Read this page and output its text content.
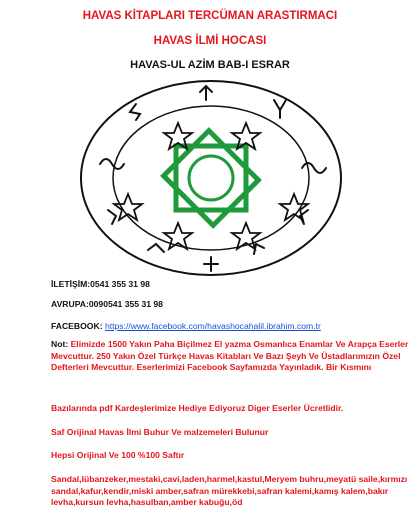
HAVAS KİTAPLARI TERCÜMAN ARASTIRMACI
HAVAS İLMİ HOCASI
HAVAS-UL AZİM BAB-I ESRAR
İLETİŞİM:0541 355 31 98
AVRUPA:0090541 355 31 98
FACEBOOK: https://www.facebook.com/havashocahalil.ibrahim.com.tr
Not: Elimizde 1500 Yakın Paha Biçilmez El yazma Osmanlıca Enamlar Ve Arapça Eserler Mevcuttur. 250 Yakın Özel Türkçe Havas Kitabları Ve Bazı Şeyh Ve Üstadlarımızın Özel Defterleri Mevcuttur. Eserlerimizi Facebook Sayfamızda Yayınladık. Bir Kısmını
Bazılarında pdf Kardeşlerimize Hediye Ediyoruz Diger Eserler Ücretlidir.
Saf Orijinal Havas İlmi Buhur Ve malzemeleri Bulunur
Hepsi Orijinal Ve 100 %100 Saftır
Sandal,lübanzeker,mestaki,cavi,laden,harmel,kastul,Meryem buhru,meyatü saile,kırmızı sandal,kafur,kendir,miski amber,safran mürekkebi,safran kalemi,kamış kalem,bakır levha,kursun levha,hasulban,amber kabuğu,öd
